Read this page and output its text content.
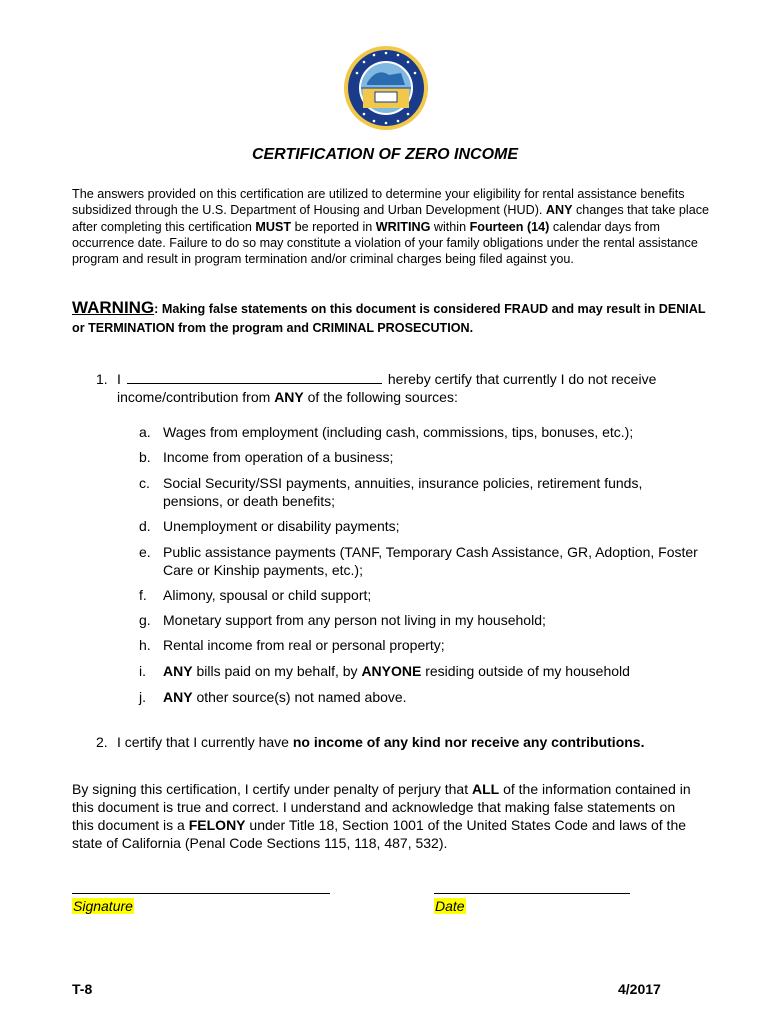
CERTIFICATION OF ZERO INCOME
The answers provided on this certification are utilized to determine your eligibility for rental assistance benefits subsidized through the U.S. Department of Housing and Urban Development (HUD). ANY changes that take place after completing this certification MUST be reported in WRITING within Fourteen (14) calendar days from occurrence date. Failure to do so may constitute a violation of your family obligations under the rental assistance program and result in program termination and/or criminal charges being filed against you.
WARNING: Making false statements on this document is considered FRAUD and may result in DENIAL or TERMINATION from the program and CRIMINAL PROSECUTION.
1. I	hereby certify that currently I do not receive income/contribution from ANY of the following sources:
a. Wages from employment (including cash, commissions, tips, bonuses, etc.);
b. Income from operation of a business;
c. Social Security/SSI payments, annuities, insurance policies, retirement funds, pensions, or death benefits;
d. Unemployment or disability payments;
e. Public assistance payments (TANF, Temporary Cash Assistance, GR, Adoption, Foster Care or Kinship payments, etc.);
f. Alimony, spousal or child support;
g. Monetary support from any person not living in my household;
h. Rental income from real or personal property;
i. ANY bills paid on my behalf, by ANYONE residing outside of my household
j. ANY other source(s) not named above.
2. I certify that I currently have no income of any kind nor receive any contributions.
By signing this certification, I certify under penalty of perjury that ALL of the information contained in this document is true and correct. I understand and acknowledge that making false statements on this document is a FELONY under Title 18, Section 1001 of the United States Code and laws of the state of California (Penal Code Sections 115, 118, 487, 532).
Signature	Date
T-8	4/2017
